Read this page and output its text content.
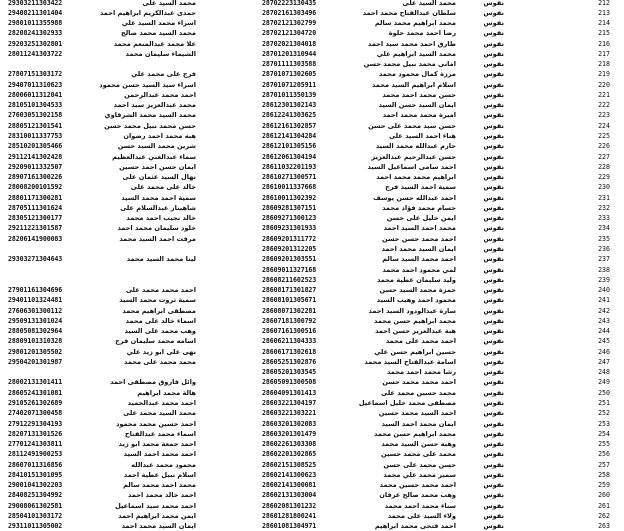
29303211303422	محمد السيد على	28702223130435	محمد السيد على	نفوس	212
29408211301404	حمدى عبدالكريم ابراهيم احمد	28702161303496	سلطان عبدالفتاح محمد احمد	نفوس	213
29801011355988	اسراء محمد السيد علي	28702121302799	محمد ابراهيم محمد سالم	نفوس	214
28208241302933	محمد السيد محمد صالح	28702121304720	رضا احمد محمد حلوة	نفوس	215
29203251302801	علا محمد عبدالمنعم محمد	28702021304018	طارق احمد محمد سيد احمد	نفوس	216
28011241303722	الشيماء سليمان محمد	28701201310944	محمد السيد ابراهيم علي	نفوس	217
28701111303588	امانى محمد نبيل محمد حسن	نفوس	218
27807151303172	فرج على محمد علي	28701071302605	مرزة كمال محمود محمد	نفوس	219
29407011310623	اسراء سيد السيد حسن محمود	28701071205911	اسلام ابراهيم السيد محمد	نفوس	220
28006011312041	احمد محمد عبدالرحمن	28701011350139	حسن محمد احمد محمد	نفوس	221
28105101304533	محمد عبدالعزيز سيد احمد	28612301302143	ايمان السيد حسن السيد	نفوس	222
27603051302158	محمد السيد محمد الشرقاوي	28612241303625	اميرة محمد محمد احمد	نفوس	223
28805121301541	حسن محمد نبيل محمد حسن	28612161302857	حسن سيد محمد على حسن	نفوس	224
28310011337753	هبه محمد احمد رضوان	28612141304284	هناء احمد السيد على	نفوس	225
28510201305466	شرين محمد السيد حسن	28612101305156	حازم عبدالله محمد السيد	نفوس	226
29112141302428	سماء عبدالغني عبدالعظيم	28612061304194	حسن عبدالرحيم عبدالعزيز	نفوس	227
29209011332507	ايمان حسن احمد حسين	28611032201193	احمد سامى اسماعيل السيد	نفوس	228
28907161300226	نهال السيد عثمان على	28610271300571	ابراهيم محمد محمد احمد	نفوس	229
28008200101592	خالد على محمد على	28610011337668	سمية احمد السيد فرج	نفوس	230
28801171300281	سمية احمد محمد السيد	28610011302392	احمد عبدالله حسن يوسف	نفوس	231
28705111301624	شاهيناز عبدالسلام على	28609281307151	حسام محمد فؤاد محمد	نفوس	232
28305121300177	خالد نجيب احمد محمد	28609271300123	ايمن خليل على حسن	نفوس	233
29211221301587	خلود سليمان محمد احمد	28609231301933	محمد احمد السيد احمد	نفوس	234
28206141900083	مرفت احمد السيد محمد	28609201311772	احمد محمد حسن حسن	نفوس	235
28609201312205	ايمان السيد محمد احمد	نفوس	236
29303271304643	لينا محمد السيد محمد	28609201303551	احمد محمد السيد سالم	نفوس	237
28609011327168	لمي محمود احمد محمد	نفوس	238
28608211602523	وليد سليمان عطية محمد	نفوس	239
27901161304696	احمد محمد محمد على	28608171301827	حمزة محمد السيد حسن	نفوس	240
29401101324481	سمية ثروت محمد السيد	28608101305671	محمود احمد وهيب السيد	نفوس	241
27606301300112	مصطفى ابراهيم محمد	28608071302281	سارة عبدالودود السيد احمد	نفوس	242
29509131301024	اسماء خالد على محمد	28607181300792	محمد ابراهيم حسن محمد	نفوس	243
28805081302964	وهب محمد على السيد	28607161300516	هبة عبدالعزيز حسن احمد	نفوس	244
28809101310328	اسامه محمد سليمان فرج	28606211304333	احمد محمد على محمد	نفوس	245
29801201305502	نهى على ابو زيد علي	28606171302618	حسين ابراهيم حسن علي	نفوس	246
29504201301987	محمد محمد على محمد	28605251302876	اسامة عبدالفتاح السيد محمد	نفوس	247
28605201303545	رشا محمد احمد محمد	نفوس	248
28002131301411	وائل فاروق مصطفى احمد	28605091300508	احمد محمد محمد حسن	نفوس	249
28605241301081	هالة محمد ابراهيم	28604091301413	محمد حسين محمد على	نفوس	250
29105261302689	احمد محمد عبدالحميد	28603221304197	مصطفى محمد خليل اسماعيل	نفوس	251
27402071300458	محمد السيد محمد على	28603221303221	احمد السيد محمد حسين	نفوس	252
27912291304193	احمد حسين محمد محمود	28603201302083	ايمان محمد احمد السيد	نفوس	253
28207131301526	اسماء محمد عبدالفتاح	28603201301479	محمد ابراهيم حسن محمد	نفوس	254
27701241303811	احمد جمعة محمد ابو زيد	28602261303308	وهبه حسن السيد محمد	نفوس	255
28112491900253	احمد محمد احمد السيد	28602201302865	محمد على محمد حسين	نفوس	256
28607011316856	محمود محمد عبدالله	28602151308525	حسن محمد على حسن	نفوس	257
28410151301095	اسلام نبيل عطية احمد	28602141300623	سمير محمد علي محمد	نفوس	258
29001041302203	محمد احمد محمد سالم	28602141300081	احمد محمد حسين محمد	نفوس	259
28408251304992	احمد خالد محمد احمد	28602131303004	وهب محمد صالح عرفان	نفوس	260
29008061302581	احمد محمد سيد اسماعيل	28602081301232	سناء محمد احمد محمد	نفوس	261
28504101303172	ايمن محمد ابراهيم احمد	28601281800241	ولاء السيد على محمد	نفوس	262
29311011305002	ايمان السيد محمد احمد	28601081304971	احمد فتحى محمد ابراهيم	نفوس	263
